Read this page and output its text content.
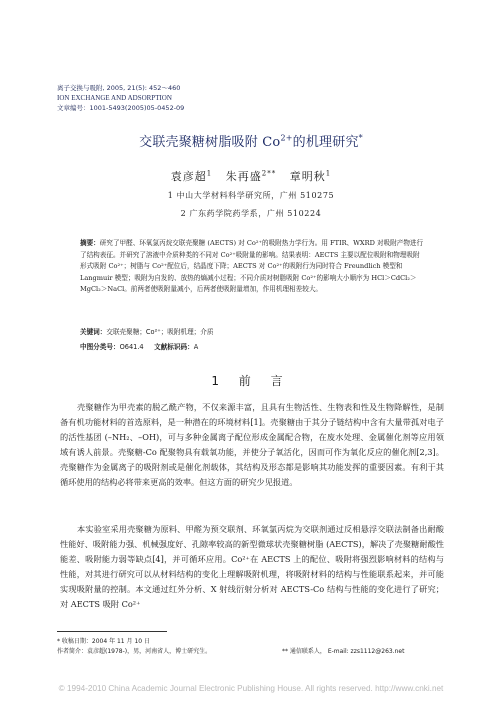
离子交换与吸附, 2005, 21(5): 452～460
ION EXCHANGE AND ADSORPTION
文章编号：1001-5493(2005)05-0452-09
交联壳聚糖树脂吸附 $Co^{2+}$的机理研究*
袁彦超$^1$ 朱再盛$^{2**}$ 章明秋$^1$
1 中山大学材料科学研究所，广州 510275
2 广东药学院药学系，广州 510224
摘要：研究了甲醛、环氧氯丙烷交联壳聚糖 (AECTS) 对 Co²⁺的吸附热力学行为。用 FTIR、WXRD 对吸附产物进行了结构表征。并研究了溶液中介质种类的不同对 Co²⁺吸附量的影响。结果表明：AECTS 主要以配位吸附和物理吸附形式吸附 Co²⁺；树脂与 Co²⁺配位后，结晶度下降；AECTS 对 Co²⁺的吸附行为同时符合 Freundlich 模型和 Langmuir 模型；吸附为自发的、放热的熵减小过程；不同介质对树脂吸附 Co²⁺的影响大小顺序为 HCl＞CdCl₂＞MgCl₂＞NaCl。前两者使吸附量减小，后两者使吸附量增加，作用机理相差较大。
关键词：交联壳聚糖；Co²⁺；吸附机理；介质
中图分类号：O641.4 文献标识码：A
1 前 言
壳聚糖作为甲壳素的脱乙酰产物，不仅来源丰富，且具有生物活性、生物表和性及生物降解性，是制备有机功能材料的首选原料，是一种潜在的环境材料[1]。壳聚糖由于其分子链结构中含有大量带孤对电子的活性基团 (–NH₂、–OH)，可与多种金属离子配位形成金属配合物，在废水处理、金属催化剂等应用领域有诱人前景。壳聚糖-Co 配聚物具有载氧功能，并使分子氧活化，因而可作为氧化反应的催化剂[2,3]。壳聚糖作为金属离子的吸附剂或是催化剂载体，其结构及形态都是影响其功能发挥的重要因素。有利于其循环使用的结构必将带来更高的效率。但这方面的研究少见报道。
本实验室采用壳聚糖为原料、甲醛为预交联剂、环氧氯丙烷为交联剂通过反相悬浮交联法制备出耐酸性能好、吸附能力强、机械强度好、孔隙率较高的新型微球状壳聚糖树脂 (AECTS)，解决了壳聚糖耐酸性能差、吸附能力弱等缺点[4]，并可循环应用。Co²⁺在 AECTS 上的配位、吸附将强烈影响材料的结构与性能，对其进行研究可以从材料结构的变化上理解吸附机理，将吸附材料的结构与性能联系起来，并可能实现吸附量的控制。本文通过红外分析、X 射线衍射分析对 AECTS-Co 结构与性能的变化进行了研究；对 AECTS 吸附 Co²⁺
* 收稿日期：2004 年 11 月 10 日
作者简介：袁彦超(1978-)，男，河南省人，博士研究生。	** 通信联系人， E-mail: zzs1112@263.net
© 1994-2010 China Academic Journal Electronic Publishing House. All rights reserved. http://www.cnki.net
